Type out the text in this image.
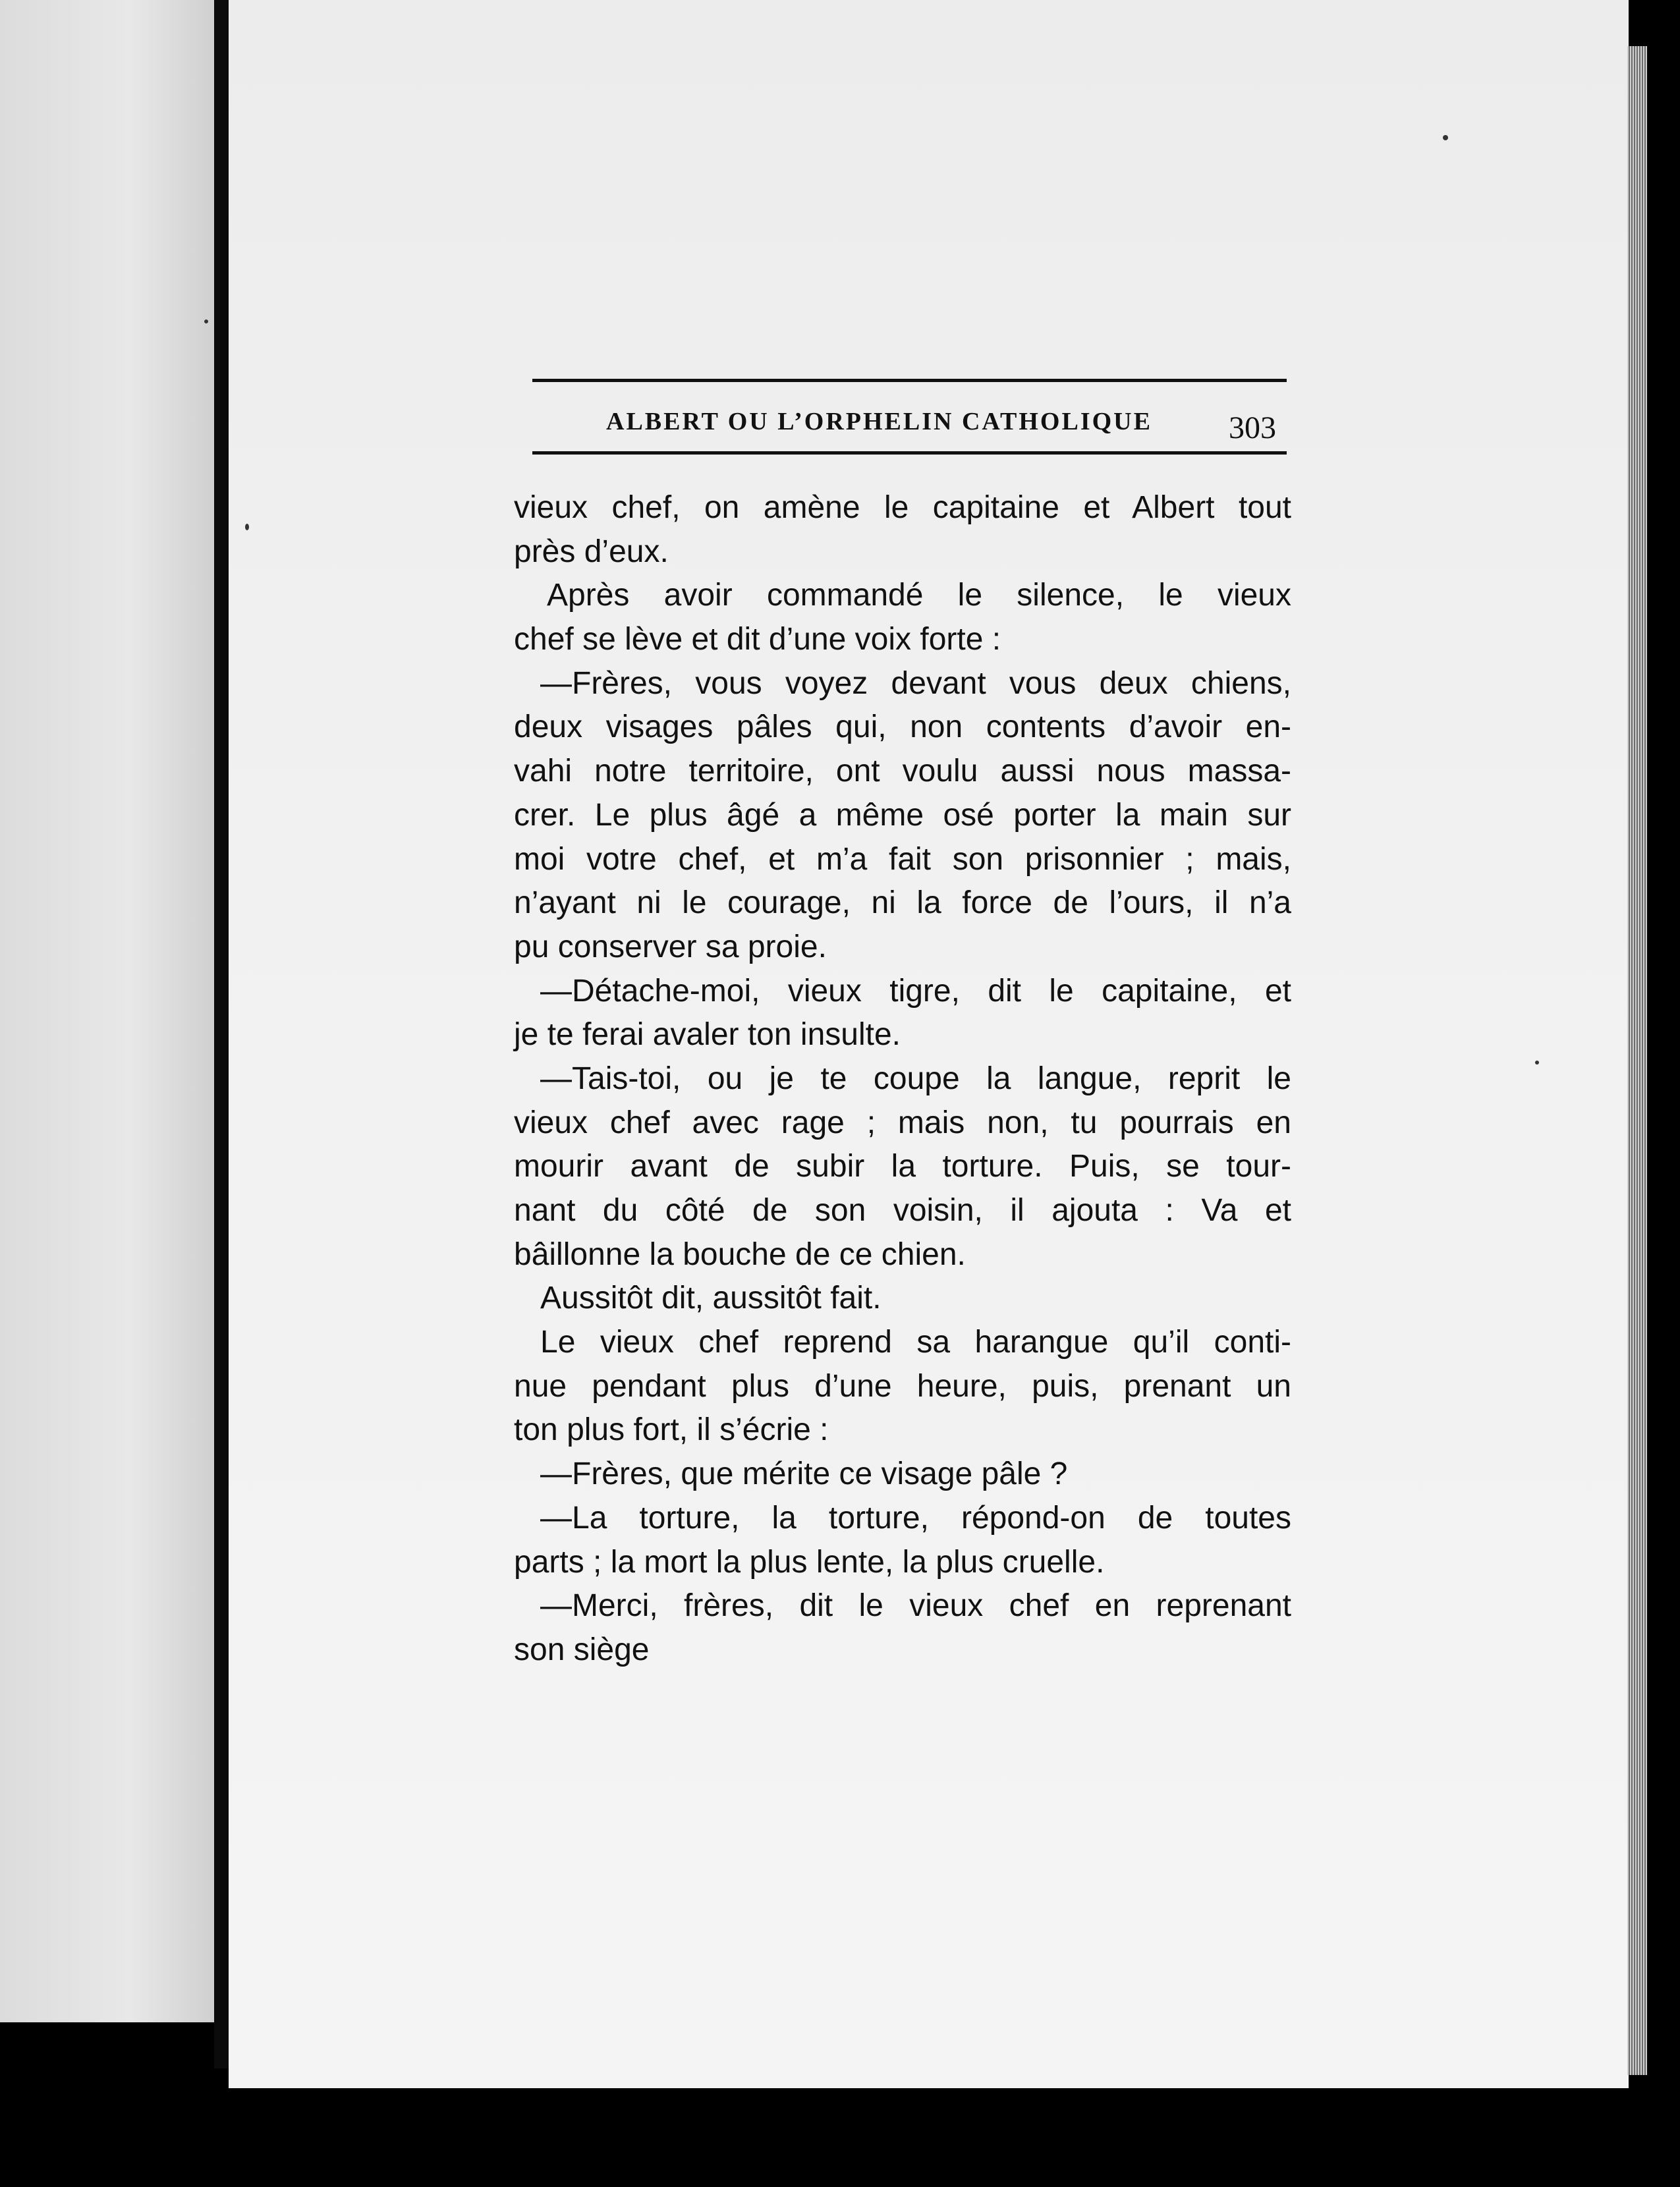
ALBERT OU L’ORPHELIN CATHOLIQUE 303
vieux chef, on amène le capitaine et Albert tout
près d’eux.
Après avoir commandé le silence, le vieux
chef se lève et dit d’une voix forte :
—Frères, vous voyez devant vous deux chiens,
deux visages pâles qui, non contents d’avoir en-
vahi notre territoire, ont voulu aussi nous massa-
crer. Le plus âgé a même osé porter la main sur
moi votre chef, et m’a fait son prisonnier ; mais,
n’ayant ni le courage, ni la force de l’ours, il n’a
pu conserver sa proie.
—Détache-moi, vieux tigre, dit le capitaine, et
je te ferai avaler ton insulte.
—Tais-toi, ou je te coupe la langue, reprit le
vieux chef avec rage ; mais non, tu pourrais en
mourir avant de subir la torture. Puis, se tour-
nant du côté de son voisin, il ajouta : Va et
bâillonne la bouche de ce chien.
Aussitôt dit, aussitôt fait.
Le vieux chef reprend sa harangue qu’il conti-
nue pendant plus d’une heure, puis, prenant un
ton plus fort, il s’écrie :
—Frères, que mérite ce visage pâle ?
—La torture, la torture, répond-on de toutes
parts ; la mort la plus lente, la plus cruelle.
—Merci, frères, dit le vieux chef en reprenant
son siège
